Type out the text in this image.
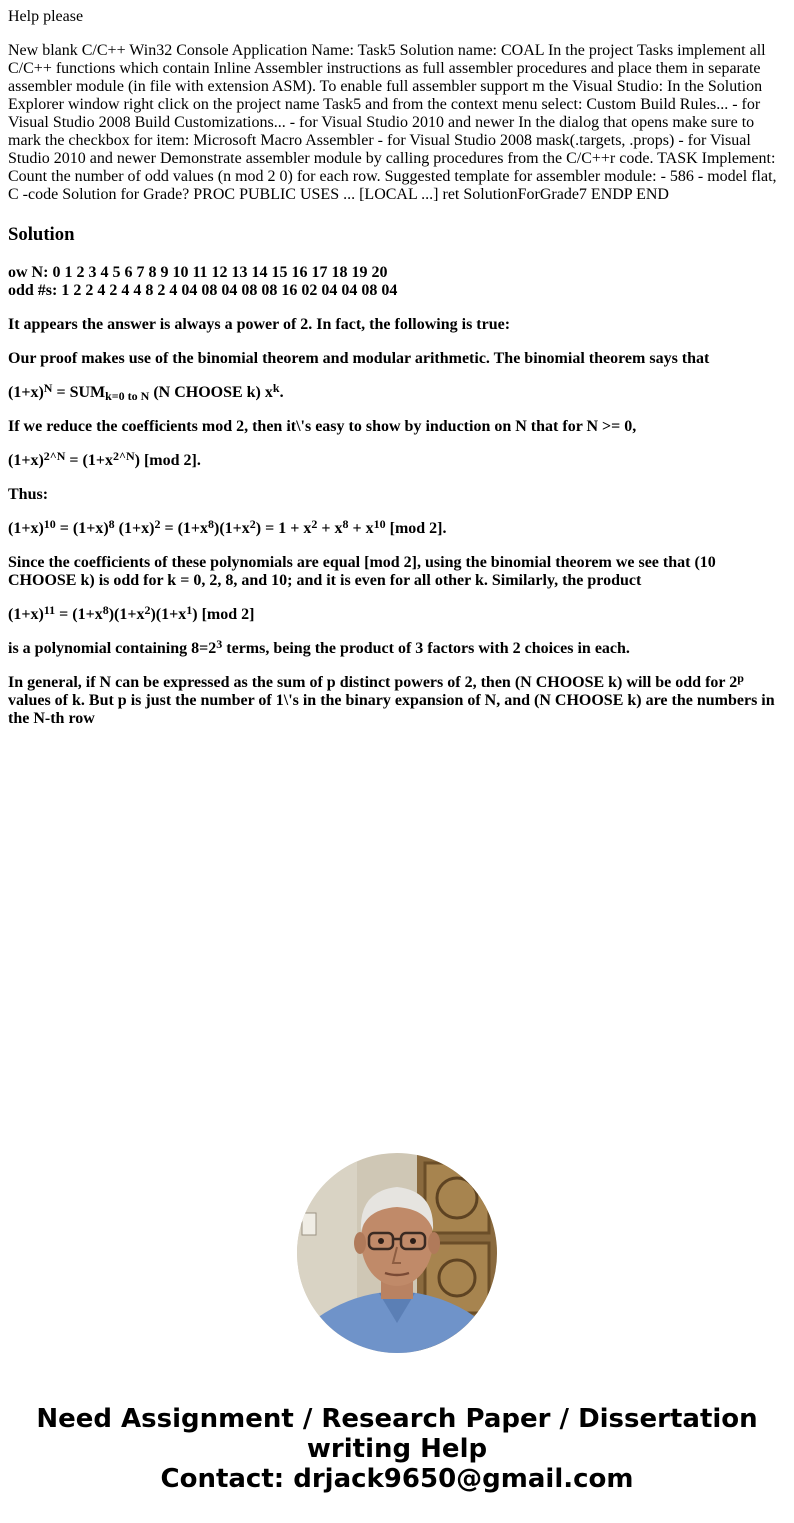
Help please

New blank C/C++ Win32 Console Application Name: Task5 Solution name: COAL In the project Tasks implement all C/C++ functions which contain Inline Assembler instructions as full assembler procedures and place them in separate assembler module (in file with extension ASM). To enable full assembler support m the Visual Studio: In the Solution Explorer window right click on the project name Task5 and from the context menu select: Custom Build Rules... - for Visual Studio 2008 Build Customizations... - for Visual Studio 2010 and newer In the dialog that opens make sure to mark the checkbox for item: Microsoft Macro Assembler - for Visual Studio 2008 mask(.targets, .props) - for Visual Studio 2010 and newer Demonstrate assembler module by calling procedures from the C/C++r code. TASK Implement: Count the number of odd values (n mod 2 0) for each row. Suggested template for assembler module: - 586 - model flat, C -code Solution for Grade? PROC PUBLIC USES ... [LOCAL ...] ret SolutionForGrade7 ENDP END

Solution

ow N: 0 1 2 3 4 5 6 7 8 9 10 11 12 13 14 15 16 17 18 19 20
odd #s: 1 2 2 4 2 4 4 8 2 4 04 08 04 08 08 16 02 04 04 08 04

It appears the answer is always a power of 2. In fact, the following is true:

Our proof makes use of the binomial theorem and modular arithmetic. The binomial theorem says that

$(1+x)^N = SUM_{k=0 to N}$ (N CHOOSE k) $x^k$.

If we reduce the coefficients mod 2, then it\'s easy to show by induction on N that for N >= 0,

$(1+x)^{2\^{}N} = (1+x^{2\^{}N})$ [mod 2].

Thus:

$(1+x)^{10} = (1+x)^8$ $(1+x)^2 = (1+x^8)(1+x^2) = 1 + x^2 + x^8 + x^{10}$ [mod 2].

Since the coefficients of these polynomials are equal [mod 2], using the binomial theorem we see that (10 CHOOSE k) is odd for k = 0, 2, 8, and 10; and it is even for all other k. Similarly, the product

$(1+x)^{11} = (1+x^8)(1+x^2)(1+x^1)$ [mod 2]

is a polynomial containing $8=2^3$ terms, being the product of 3 factors with 2 choices in each.

In general, if N can be expressed as the sum of p distinct powers of 2, then (N CHOOSE k) will be odd for 2$^p$ values of k. But p is just the number of 1\'s in the binary expansion of N, and (N CHOOSE k) are the numbers in the N-th row

Need Assignment / Research Paper / Dissertation
writing Help
Contact: drjack9650@gmail.com
